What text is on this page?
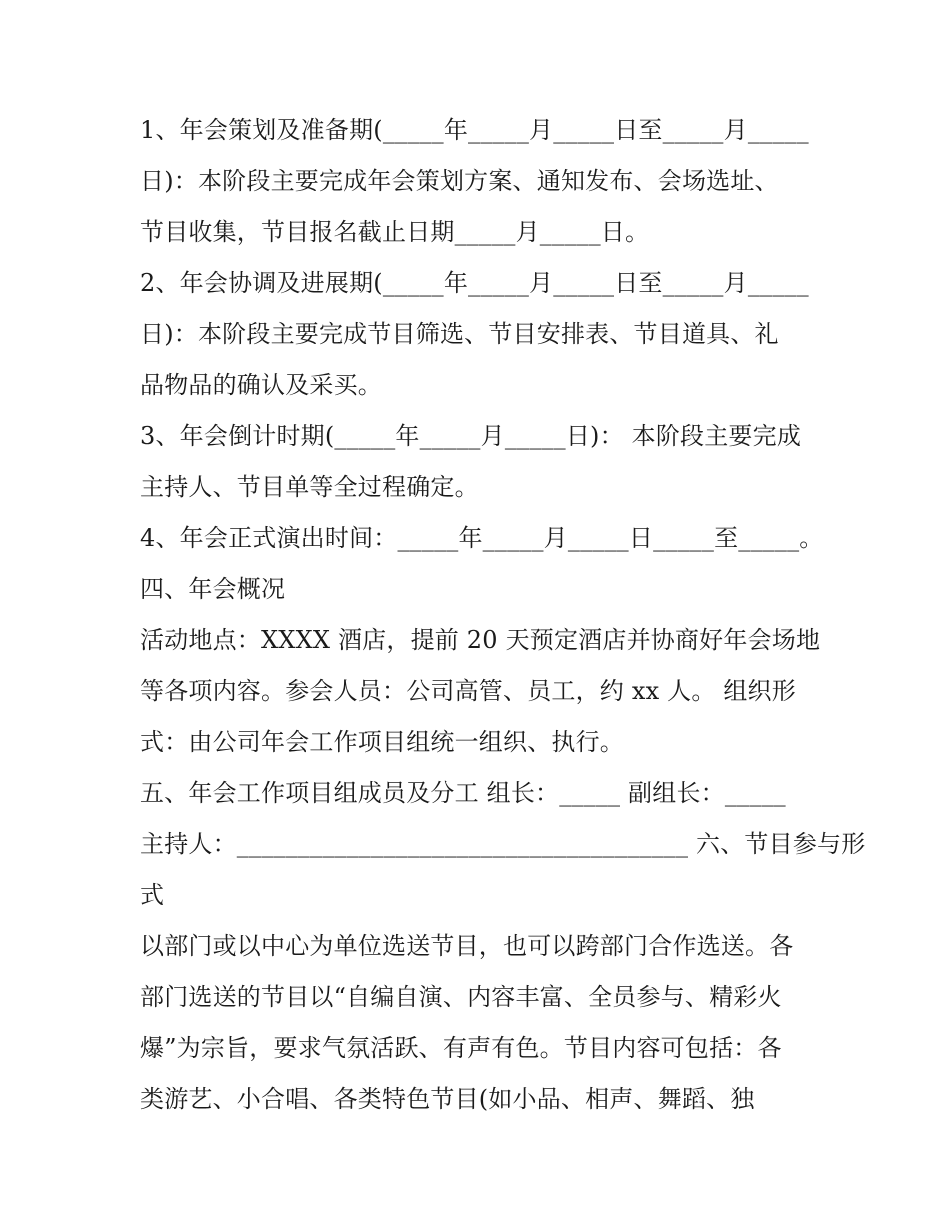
1、年会策划及准备期(_____年_____月_____日至_____月_____
日)：本阶段主要完成年会策划方案、通知发布、会场选址、
节目收集，节目报名截止日期_____月_____日。
2、年会协调及进展期(_____年_____月_____日至_____月_____
日)：本阶段主要完成节目筛选、节目安排表、节目道具、礼
品物品的确认及采买。
3、年会倒计时期(_____年_____月_____日)： 本阶段主要完成
主持人、节目单等全过程确定。
4、年会正式演出时间：_____年_____月_____日_____至_____。
四、年会概况
活动地点：XXXX 酒店，提前 20 天预定酒店并协商好年会场地
等各项内容。参会人员：公司高管、员工，约 xx 人。 组织形
式：由公司年会工作项目组统一组织、执行。
五、年会工作项目组成员及分工 组长：_____ 副组长：_____
主持人：_____________________________________ 六、节目参与形
式
以部门或以中心为单位选送节目，也可以跨部门合作选送。各
部门选送的节目以“自编自演、内容丰富、全员参与、精彩火
爆”为宗旨，要求气氛活跃、有声有色。节目内容可包括：各
类游艺、小合唱、各类特色节目(如小品、相声、舞蹈、独
